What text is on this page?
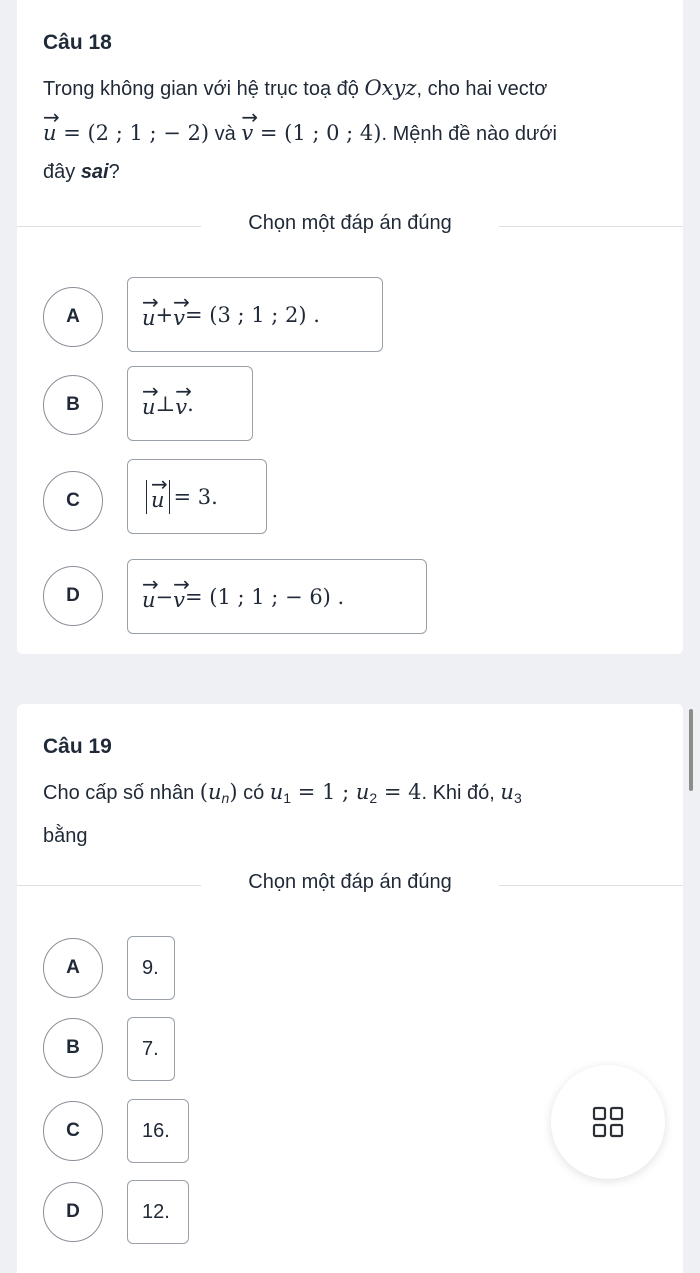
Câu 18
Trong không gian với hệ trục toạ độ Oxyz, cho hai vectơ
→ u = (2 ; 1 ; − 2) và → v = (1 ; 0 ; 4). Mệnh đề nào dưới
đây sai?
Chọn một đáp án đúng
A	→ u + → v = (3 ; 1 ; 2) .
B	→ u ⊥ → v .
C	→ u = 3.
D	→ u − → v = (1 ; 1 ; − 6) .
Câu 19
Cho cấp số nhân $(u_n)$ có $u_1 = 1$ ; $u_2 = 4$. Khi đó, $u_3$
bằng
Chọn một đáp án đúng
A	9.
B	7.
C	16.
D	12.
